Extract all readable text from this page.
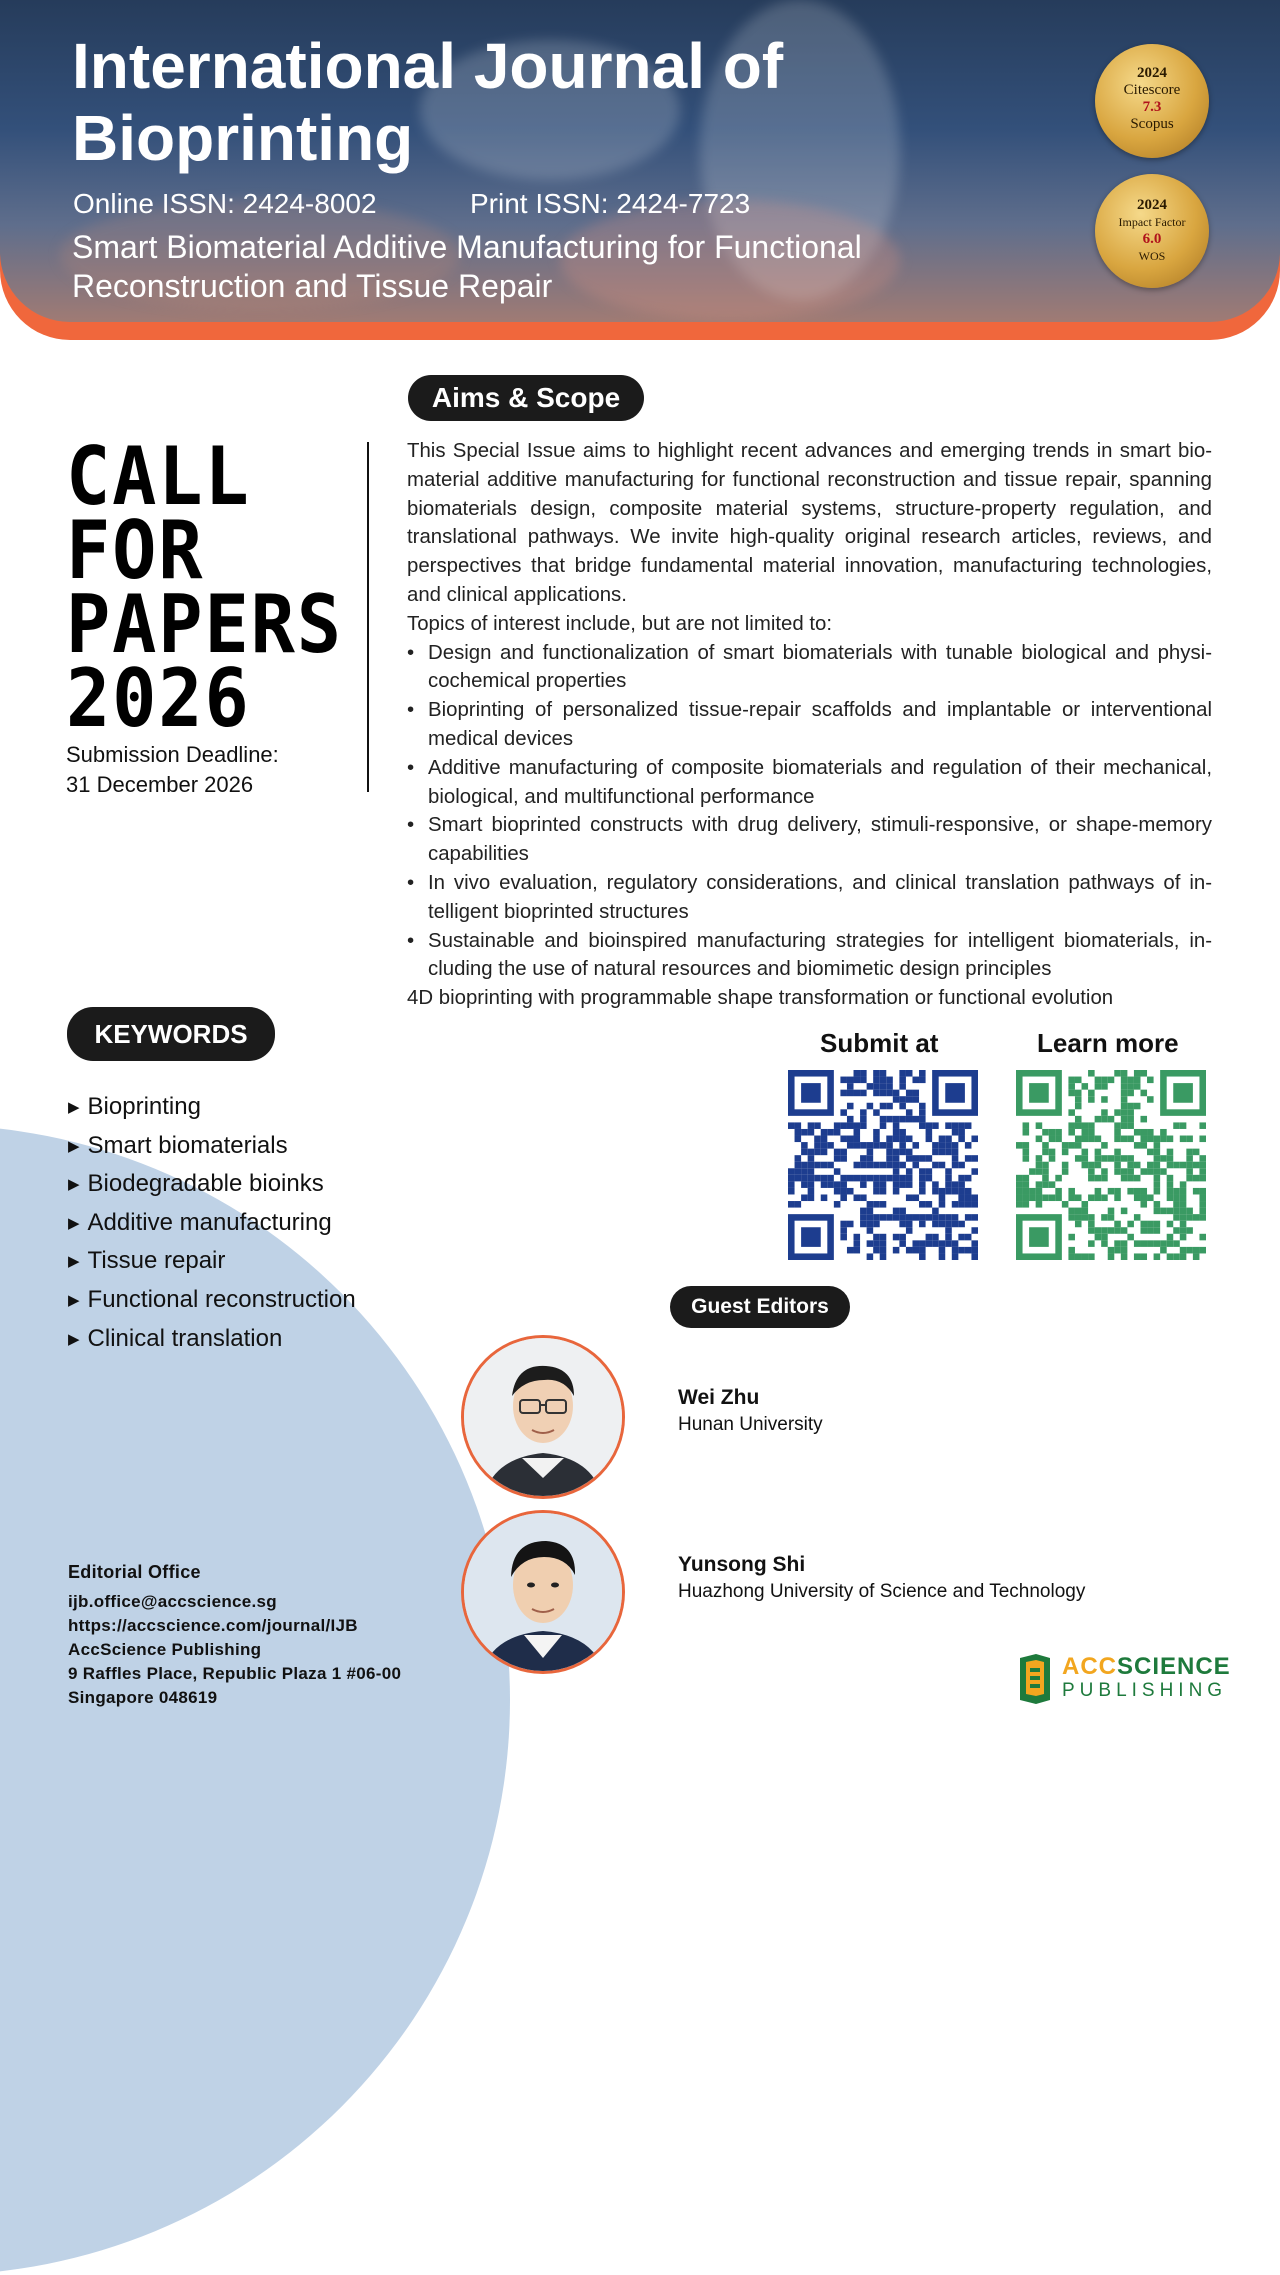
International Journal of
Bioprinting
Online ISSN: 2424-8002	Print ISSN: 2424-7723
Smart Biomaterial Additive Manufacturing for Functional
Reconstruction and Tissue Repair
2024
Citescore
7.3
Scopus
2024
Impact Factor
6.0
WOS
CALL
FOR
PAPERS
2026
Submission Deadline:
31 December 2026
Aims & Scope

This Special Issue aims to highlight recent advances and emerging trends in smart biomaterial additive manufacturing for functional reconstruction and tissue repair, spanning biomaterials design, composite material systems, structure-property regulation, and translational pathways. We invite high-quality original research articles, reviews, and perspectives that bridge fundamental material innovation, manufacturing technologies, and clinical applications.

Topics of interest include, but are not limited to:

• Design and functionalization of smart biomaterials with tunable biological and physicochemical properties
• Bioprinting of personalized tissue-repair scaffolds and implantable or interventional medical devices
• Additive manufacturing of composite biomaterials and regulation of their mechanical, biological, and multifunctional performance
• Smart bioprinted constructs with drug delivery, stimuli-responsive, or shape-memory capabilities
• In vivo evaluation, regulatory considerations, and clinical translation pathways of intelligent bioprinted structures
• Sustainable and bioinspired manufacturing strategies for intelligent biomaterials, including the use of natural resources and biomimetic design principles

4D bioprinting with programmable shape transformation or functional evolution

KEYWORDS
▶ Bioprinting
▶ Smart biomaterials
▶ Biodegradable bioinks
▶ Additive manufacturing
▶ Tissue repair
▶ Functional reconstruction
▶ Clinical translation
Submit at	Learn more
Guest Editors
Wei Zhu
Hunan University
Yunsong Shi
Huazhong University of Science and Technology
Editorial Office
ijb.office@accscience.sg
https://accscience.com/journal/IJB
AccScience Publishing
9 Raffles Place, Republic Plaza 1 #06-00
Singapore 048619
ACCSCIENCE
PUBLISHING
